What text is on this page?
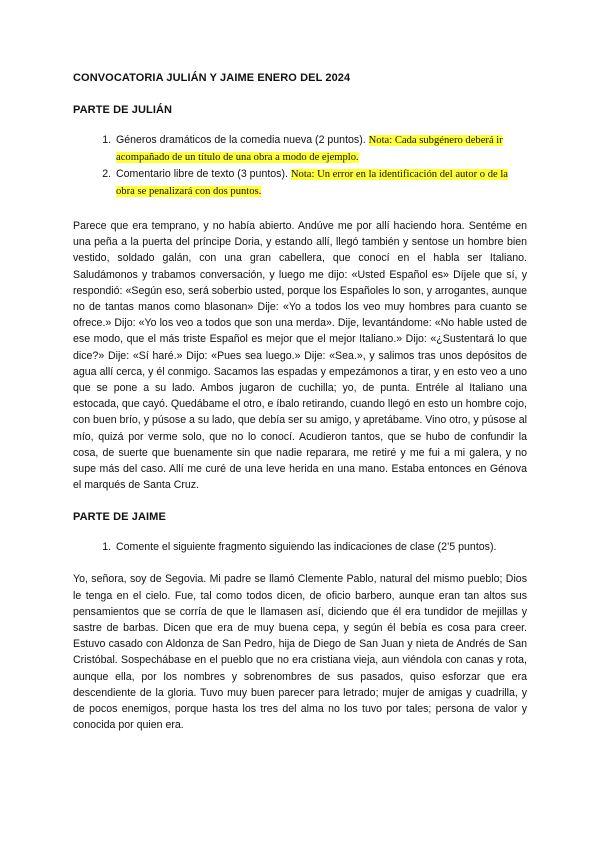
CONVOCATORIA JULIÁN Y JAIME ENERO DEL 2024
PARTE DE JULIÁN
1. Géneros dramáticos de la comedia nueva (2 puntos). Nota: Cada subgénero deberá ir acompañado de un título de una obra a modo de ejemplo.
2. Comentario libre de texto (3 puntos). Nota: Un error en la identificación del autor o de la obra se penalizará con dos puntos.

Parece que era temprano, y no había abierto. Andúve me por allí haciendo hora. Sentéme en una peña a la puerta del príncipe Doria, y estando allí, llegó también y sentose un hombre bien vestido, soldado galán, con una gran cabellera, que conocí en el habla ser Italiano. Saludámonos y trabamos conversación, y luego me dijo: «Usted Español es» Díjele que sí, y respondió: «Según eso, será soberbio usted, porque los Españoles lo son, y arrogantes, aunque no de tantas manos como blasonan» Dije: «Yo a todos los veo muy hombres para cuanto se ofrece.» Dijo: «Yo los veo a todos que son una merda». Dije, levantándome: «No hable usted de ese modo, que el más triste Español es mejor que el mejor Italiano.» Dijo: «¿Sustentará lo que dice?» Dije: «Sí haré.» Dijo: «Pues sea luego.» Dije: «Sea.», y salimos tras unos depósitos de agua allí cerca, y él conmigo. Sacamos las espadas y empezámonos a tirar, y en esto veo a uno que se pone a su lado. Ambos jugaron de cuchilla; yo, de punta. Entréle al Italiano una estocada, que cayó. Quedábame el otro, e íbalo retirando, cuando llegó en esto un hombre cojo, con buen brío, y púsose a su lado, que debía ser su amigo, y apretábame. Vino otro, y púsose al mío, quizá por verme solo, que no lo conocí. Acudieron tantos, que se hubo de confundir la cosa, de suerte que buenamente sin que nadie reparara, me retiré y me fui a mi galera, y no supe más del caso. Allí me curé de una leve herida en una mano. Estaba entonces en Génova el marqués de Santa Cruz.

PARTE DE JAIME
1. Comente el siguiente fragmento siguiendo las indicaciones de clase (2’5 puntos).

Yo, señora, soy de Segovia. Mi padre se llamó Clemente Pablo, natural del mismo pueblo; Dios le tenga en el cielo. Fue, tal como todos dicen, de oficio barbero, aunque eran tan altos sus pensamientos que se corría de que le llamasen así, diciendo que él era tundidor de mejillas y sastre de barbas. Dicen que era de muy buena cepa, y según él bebía es cosa para creer. Estuvo casado con Aldonza de San Pedro, hija de Diego de San Juan y nieta de Andrés de San Cristóbal. Sospechábase en el pueblo que no era cristiana vieja, aun viéndola con canas y rota, aunque ella, por los nombres y sobrenombres de sus pasados, quiso esforzar que era descendiente de la gloria. Tuvo muy buen parecer para letrado; mujer de amigas y cuadrilla, y de pocos enemigos, porque hasta los tres del alma no los tuvo por tales; persona de valor y conocida por quien era.
